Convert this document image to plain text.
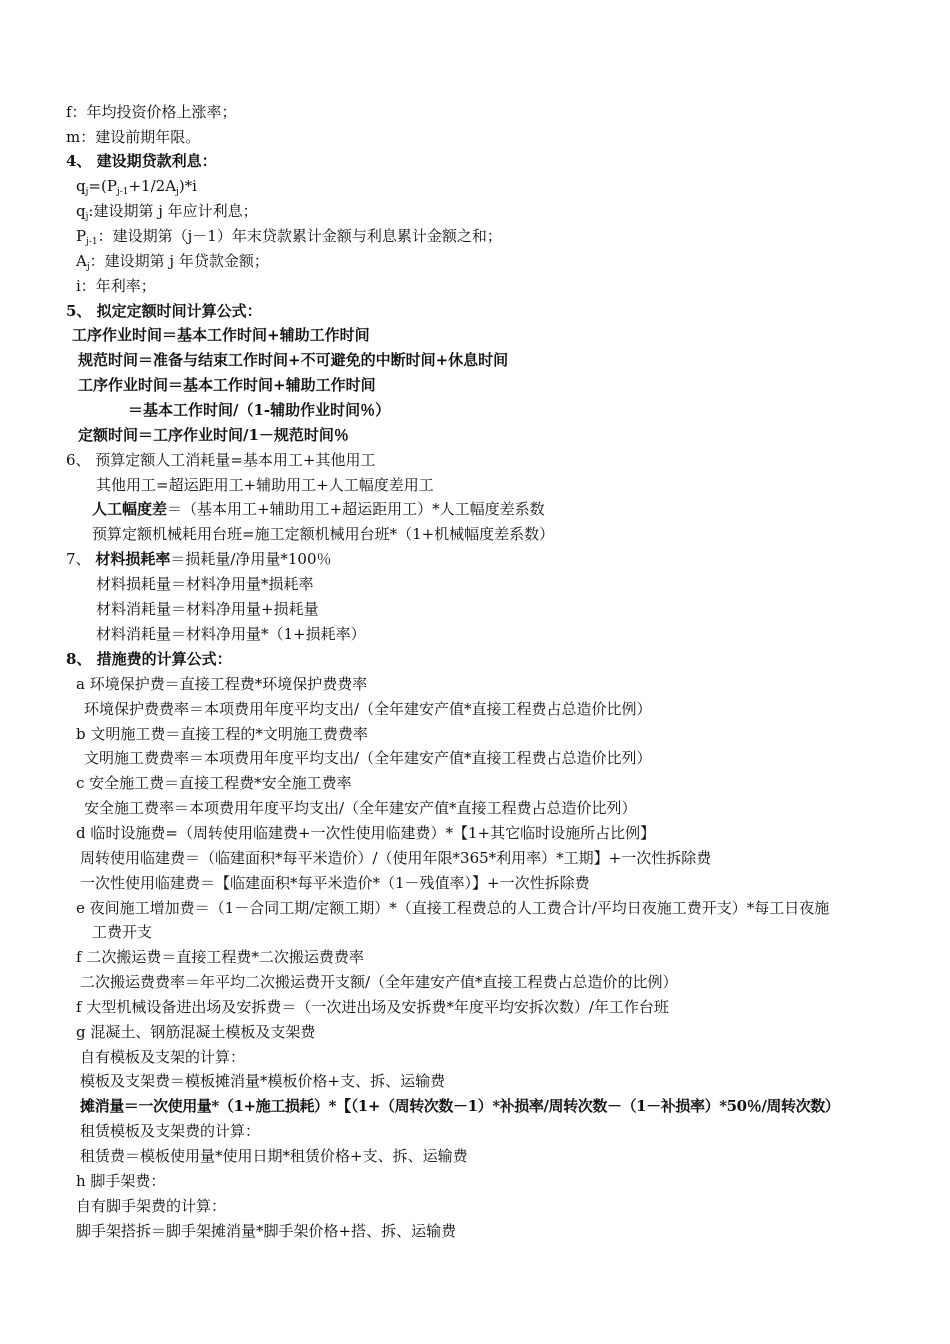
f：年均投资价格上涨率；
m：建设前期年限。
4、 建设期贷款利息：
$q_j=(P_{j-1}+1/2A_j)*i$
$q_j$:建设期第 j 年应计利息；
$P_{j-1}$：建设期第（j－1）年末贷款累计金额与利息累计金额之和；
$A_j$：建设期第 j 年贷款金额；
i：年利率；
5、 拟定定额时间计算公式：
工序作业时间＝基本工作时间+辅助工作时间
规范时间＝准备与结束工作时间+不可避免的中断时间+休息时间
工序作业时间＝基本工作时间+辅助工作时间
＝基本工作时间/（1-辅助作业时间％）
定额时间＝工序作业时间/1－规范时间％
6、 预算定额人工消耗量=基本用工+其他用工
其他用工=超运距用工+辅助用工+人工幅度差用工
人工幅度差＝（基本用工+辅助用工+超运距用工）*人工幅度差系数
预算定额机械耗用台班=施工定额机械用台班*（1+机械幅度差系数）
7、 材料损耗率＝损耗量/净用量*100％
材料损耗量＝材料净用量*损耗率
材料消耗量＝材料净用量+损耗量
材料消耗量＝材料净用量*（1+损耗率）
8、 措施费的计算公式：
a 环境保护费＝直接工程费*环境保护费费率
环境保护费费率＝本项费用年度平均支出/（全年建安产值*直接工程费占总造价比例）
b 文明施工费＝直接工程的*文明施工费费率
文明施工费费率＝本项费用年度平均支出/（全年建安产值*直接工程费占总造价比列）
c 安全施工费＝直接工程费*安全施工费率
安全施工费率＝本项费用年度平均支出/（全年建安产值*直接工程费占总造价比列）
d 临时设施费=（周转使用临建费+一次性使用临建费）*【1+其它临时设施所占比例】
周转使用临建费＝（临建面积*每平米造价）/（使用年限*365*利用率）*工期】+一次性拆除费
一次性使用临建费＝【临建面积*每平米造价*（1－残值率）】+一次性拆除费
e 夜间施工增加费＝（1－合同工期/定额工期）*（直接工程费总的人工费合计/平均日夜施工费开支）*每工日夜施
工费开支
f 二次搬运费＝直接工程费*二次搬运费费率
二次搬运费费率＝年平均二次搬运费开支额/（全年建安产值*直接工程费占总造价的比例）
f 大型机械设备进出场及安拆费＝（一次进出场及安拆费*年度平均安拆次数）/年工作台班
g 混凝土、钢筋混凝土模板及支架费
自有模板及支架的计算：
模板及支架费＝模板摊消量*模板价格+支、拆、运输费
摊消量＝一次使用量*（1+施工损耗）*【（1+（周转次数－1）*补损率/周转次数－（1－补损率）*50％/周转次数）
租赁模板及支架费的计算：
租赁费＝模板使用量*使用日期*租赁价格+支、拆、运输费
h 脚手架费：
自有脚手架费的计算：
脚手架搭拆＝脚手架摊消量*脚手架价格+搭、拆、运输费
